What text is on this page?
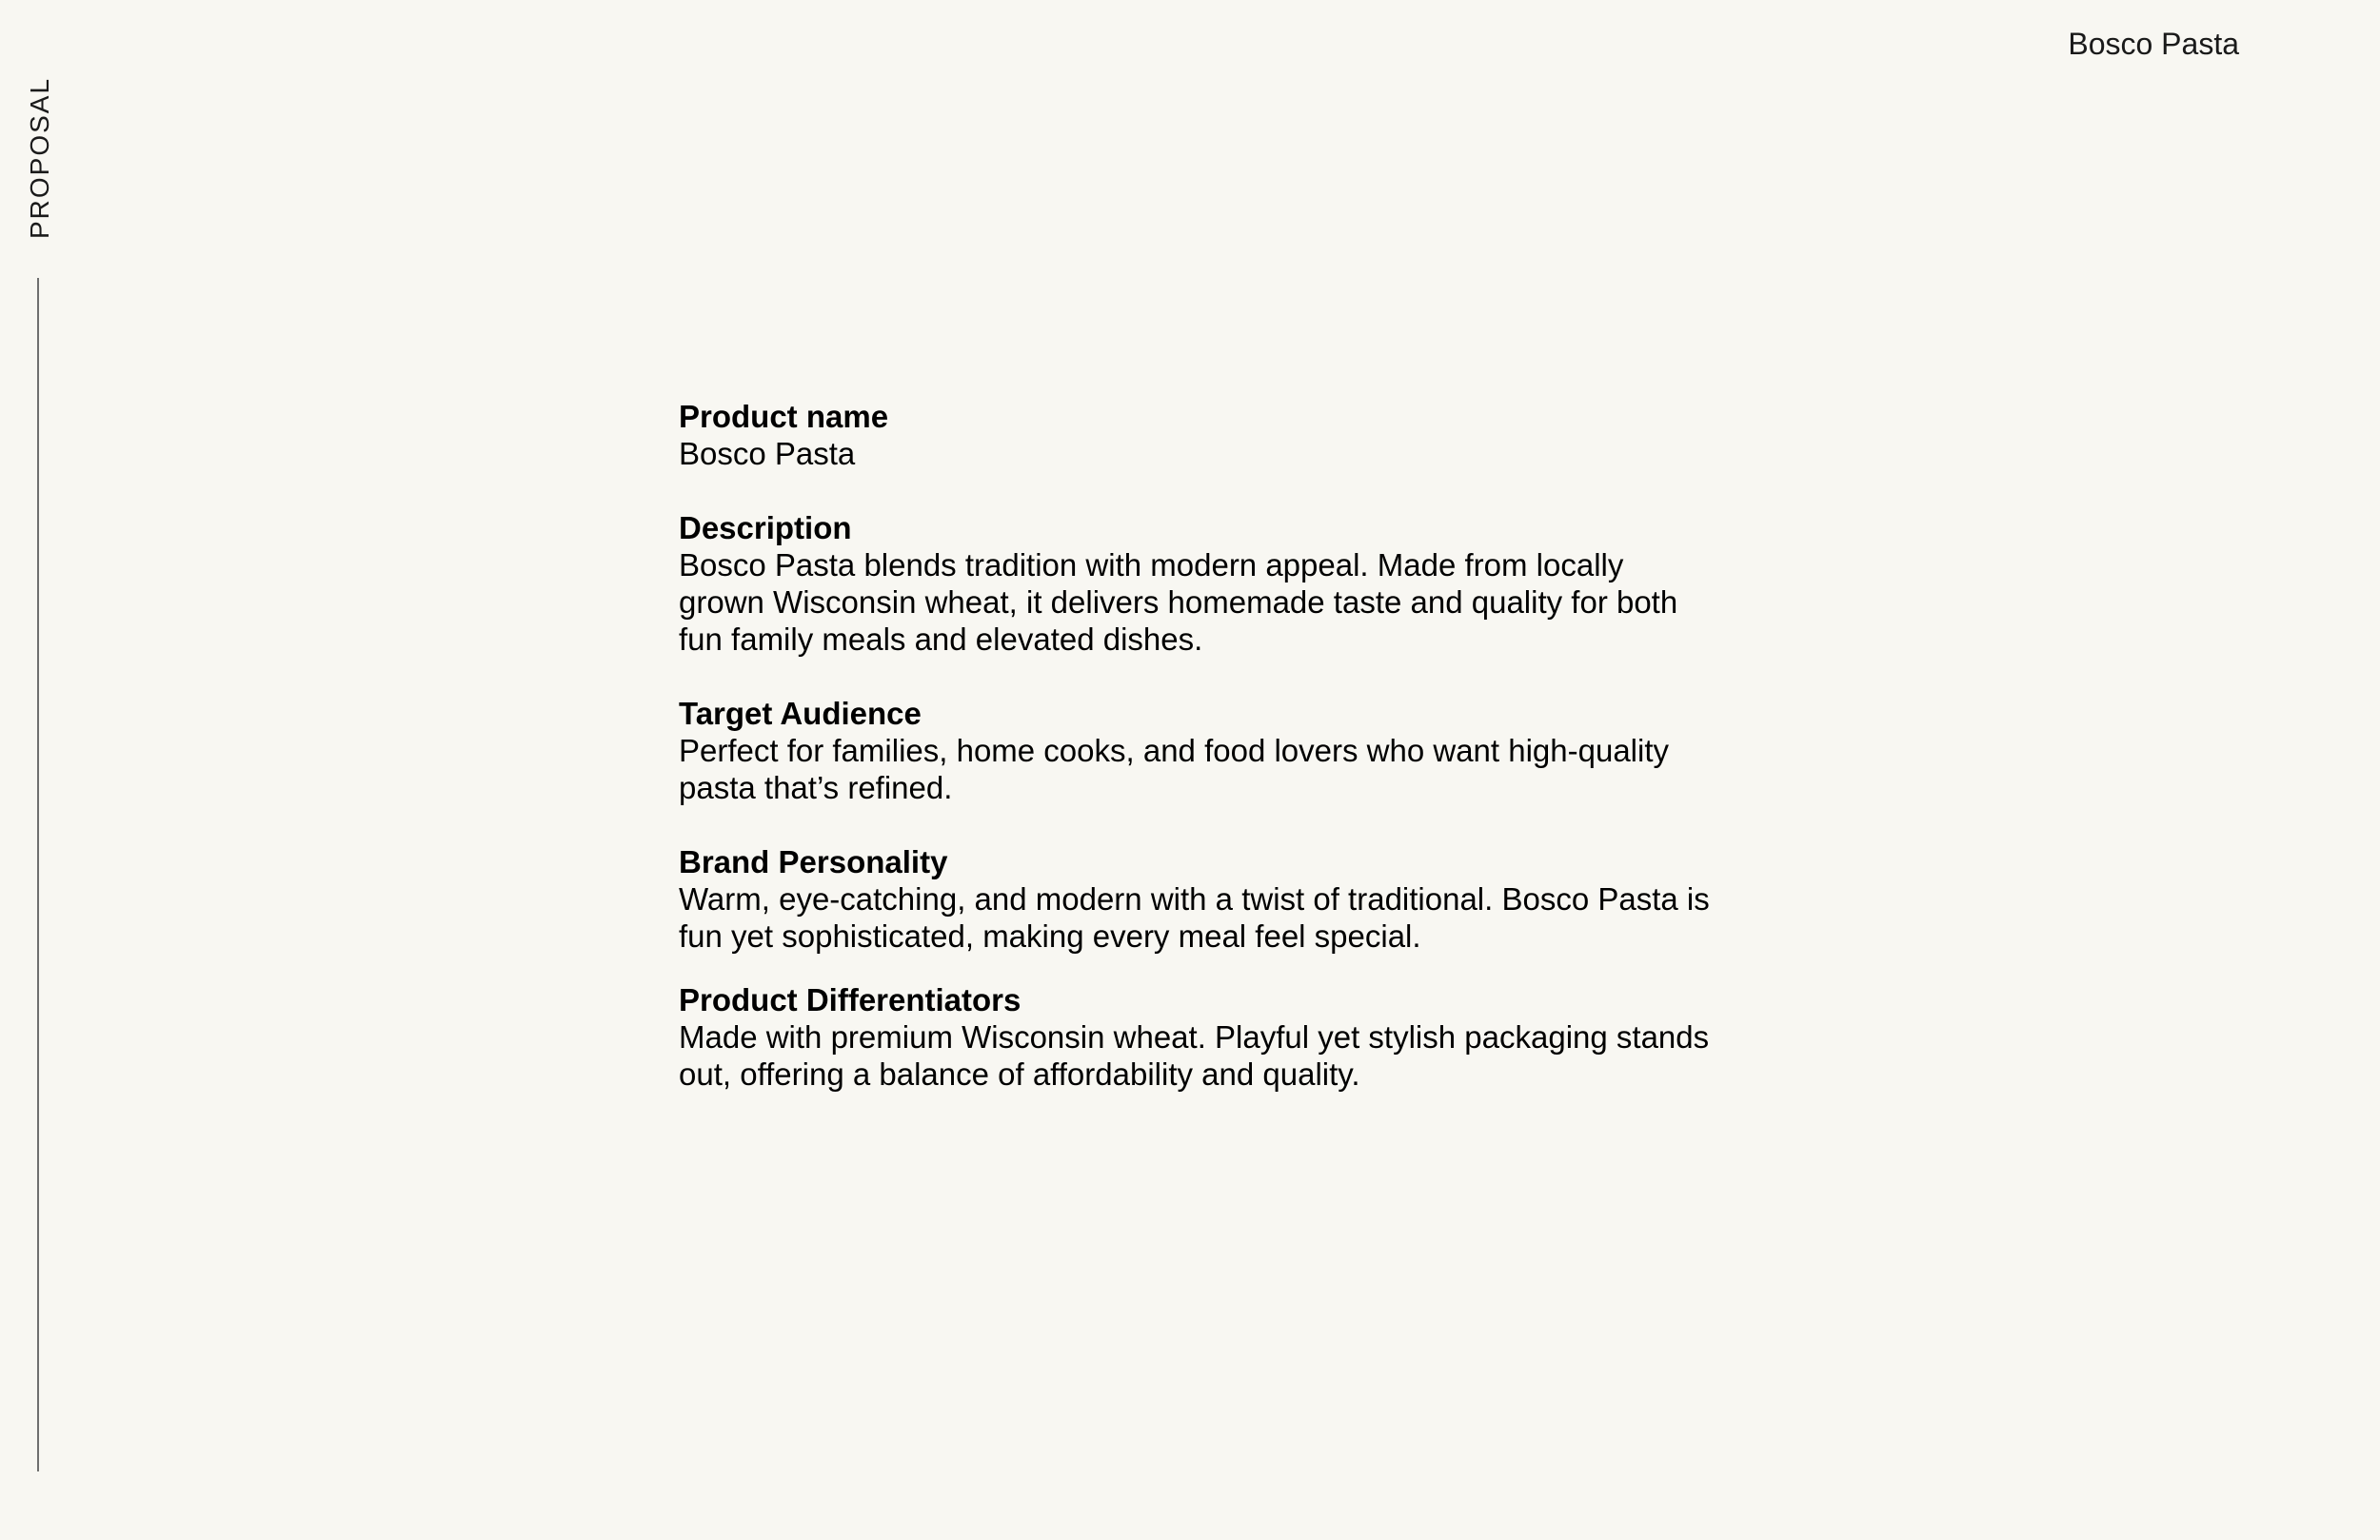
PROPOSAL
Bosco Pasta

Product name

Bosco Pasta

Description

Bosco Pasta blends tradition with modern appeal. Made from locally grown Wisconsin wheat, it delivers homemade taste and quality for both fun family meals and elevated dishes.

Target Audience

Perfect for families, home cooks, and food lovers who want high-quality pasta that’s refined.

Brand Personality

Warm, eye-catching, and modern with a twist of traditional. Bosco Pasta is fun yet sophisticated, making every meal feel special.

Product Differentiators

Made with premium Wisconsin wheat. Playful yet stylish packaging stands out, offering a balance of affordability and quality.
